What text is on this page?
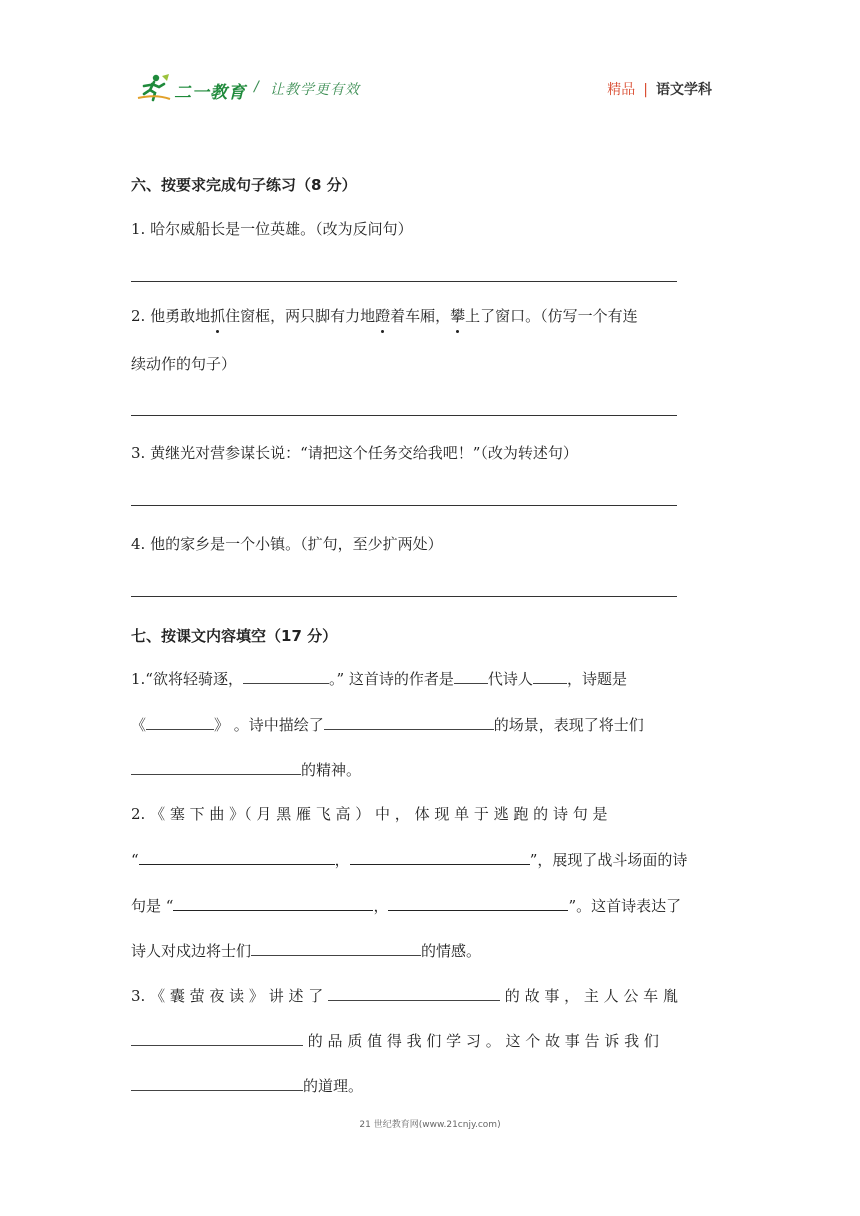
二一教育 / 让教学更有效	精品 | 语文学科
六、按要求完成句子练习（8 分）
1. 哈尔威船长是一位英雄。（改为反问句）
2. 他勇敢地抓住窗框，两只脚有力地蹬着车厢，攀上了窗口。（仿写一个有连
续动作的句子）
3. 黄继光对营参谋长说：“请把这个任务交给我吧！”（改为转述句）
4. 他的家乡是一个小镇。（扩句，至少扩两处）
七、按课文内容填空（17 分）
1.“欲将轻骑逐，	。” 这首诗的作者是 代诗人 ，诗题是
《	》 。诗中描绘了	的场景，表现了将士们
的精神。
2. 《 塞 下 曲 》（ 月 黑 雁 飞 高 ） 中 ， 体 现 单 于 逃 跑 的 诗 句 是
“	，	”，展现了战斗场面的诗
句是 “	，	”。这首诗表达了
诗人对戍边将士们	的情感。
3. 《 囊 萤 夜 读 》 讲 述 了	的 故 事 ， 主 人 公 车 胤
的 品 质 值 得 我 们 学 习 。 这 个 故 事 告 诉 我 们
的道理。
21 世纪教育网(www.21cnjy.com)
